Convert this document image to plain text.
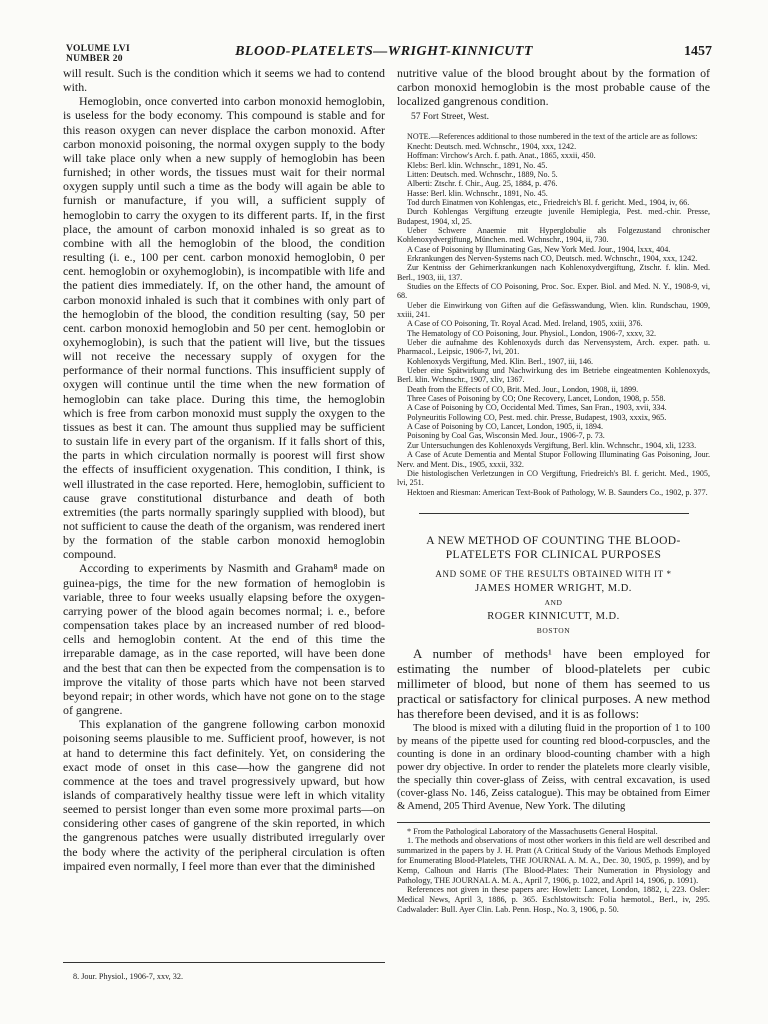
VOLUME LVI
NUMBER 20	BLOOD-PLATELETS—WRIGHT-KINNICUTT	1457

will result. Such is the condition which it seems we had to contend with.

Hemoglobin, once converted into carbon monoxid hemoglobin, is useless for the body economy. This compound is stable and for this reason oxygen can never displace the carbon monoxid. After carbon monoxid poisoning, the normal oxygen supply to the body will take place only when a new supply of hemoglobin has been furnished; in other words, the tissues must wait for their normal oxygen supply until such a time as the body will again be able to furnish or manufacture, if you will, a sufficient supply of hemoglobin to carry the oxygen to its different parts. If, in the first place, the amount of carbon monoxid inhaled is so great as to combine with all the hemoglobin of the blood, the condition resulting (i. e., 100 per cent. carbon monoxid hemoglobin, 0 per cent. hemoglobin or oxyhemoglobin), is incompatible with life and the patient dies immediately. If, on the other hand, the amount of carbon monoxid inhaled is such that it combines with only part of the hemoglobin of the blood, the condition resulting (say, 50 per cent. carbon monoxid hemoglobin and 50 per cent. hemoglobin or oxyhemoglobin), is such that the patient will live, but the tissues will not receive the necessary supply of oxygen for the performance of their normal functions. This insufficient supply of oxygen will continue until the time when the new formation of hemoglobin can take place. During this time, the hemoglobin which is free from carbon monoxid must supply the oxygen to the tissues as best it can. The amount thus supplied may be sufficient to sustain life in every part of the organism. If it falls short of this, the parts in which circulation normally is poorest will first show the effects of insufficient oxygenation. This condition, I think, is well illustrated in the case reported. Here, hemoglobin, sufficient to cause grave constitutional disturbance and death of both extremities (the parts normally sparingly supplied with blood), but not sufficient to cause the death of the organism, was rendered inert by the formation of the stable carbon monoxid hemoglobin compound.

According to experiments by Nasmith and Graham⁸ made on guinea-pigs, the time for the new formation of hemoglobin is variable, three to four weeks usually elapsing before the oxygen-carrying power of the blood again becomes normal; i. e., before compensation takes place by an increased number of red blood-cells and hemoglobin content. At the end of this time the irreparable damage, as in the case reported, will have been done and the best that can then be expected from the compensation is to improve the vitality of those parts which have not been starved beyond repair; in other words, which have not gone on to the stage of gangrene.

This explanation of the gangrene following carbon monoxid poisoning seems plausible to me. Sufficient proof, however, is not at hand to determine this fact definitely. Yet, on considering the exact mode of onset in this case—how the gangrene did not commence at the toes and travel progressively upward, but how islands of comparatively healthy tissue were left in which vitality seemed to persist longer than even some more proximal parts—on considering other cases of gangrene of the skin reported, in which the gangrenous patches were usually distributed irregularly over the body where the activity of the peripheral circulation is often impaired even normally, I feel more than ever that the diminished

8. Jour. Physiol., 1906-7, xxv, 32.

nutritive value of the blood brought about by the formation of carbon monoxid hemoglobin is the most probable cause of the localized gangrenous condition.

57 Fort Street, West.

NOTE.—References additional to those numbered in the text of the article are as follows:

Knecht: Deutsch. med. Wchnschr., 1904, xxx, 1242.
Hoffman: Virchow's Arch. f. path. Anat., 1865, xxxii, 450.
Klebs: Berl. klin. Wchnschr., 1891, No. 45.
Litten: Deutsch. med. Wchnschr., 1889, No. 5.
Alberti: Ztschr. f. Chir., Aug. 25, 1884, p. 476.
Hasse: Berl. klin. Wchnschr., 1891, No. 45.
Tod durch Einatmen von Kohlengas, etc., Friedreich's Bl. f. gericht. Med., 1904, iv, 66.
Durch Kohlengas Vergiftung erzeugte juvenile Hemiplegia, Pest. med.-chir. Presse, Budapest, 1904, xl, 25.
Ueber Schwere Anaemie mit Hyperglobulie als Folgezustand chronischer Kohlenoxydvergiftung, München. med. Wchnschr., 1904, ii, 730.
A Case of Poisoning by Illuminating Gas, New York Med. Jour., 1904, lxxx, 404.
Erkrankungen des Nerven-Systems nach CO, Deutsch. med. Wchnschr., 1904, xxx, 1242.
Zur Kentniss der Gehirnerkrankungen nach Kohlenoxydvergiftung, Ztschr. f. klin. Med. Berl., 1903, iii, 137.
Studies on the Effects of CO Poisoning, Proc. Soc. Exper. Biol. and Med. N. Y., 1908-9, vi, 68.
Ueber die Einwirkung von Giften auf die Gefässwandung, Wien. klin. Rundschau, 1909, xxiii, 241.
A Case of CO Poisoning, Tr. Royal Acad. Med. Ireland, 1905, xxiii, 376.
The Hematology of CO Poisoning, Jour. Physiol., London, 1906-7, xxxv, 32.
Ueber die aufnahme des Kohlenoxyds durch das Nervensystem, Arch. exper. path. u. Pharmacol., Leipsic, 1906-7, lvi, 201.
Kohlenoxyds Vergiftung, Med. Klin. Berl., 1907, iii, 146.
Ueber eine Spätwirkung und Nachwirkung des im Betriebe eingeatmenten Kohlenoxyds, Berl. klin. Wchnschr., 1907, xliv, 1367.
Death from the Effects of CO, Brit. Med. Jour., London, 1908, ii, 1899.
Three Cases of Poisoning by CO; One Recovery, Lancet, London, 1908, p. 558.
A Case of Poisoning by CO, Occidental Med. Times, San Fran., 1903, xvii, 334.
Polyneuritis Following CO, Pest. med. chir. Presse, Budapest, 1903, xxxix, 965.
A Case of Poisoning by CO, Lancet, London, 1905, ii, 1894.
Poisoning by Coal Gas, Wisconsin Med. Jour., 1906-7, p. 73.
Zur Untersuchungen des Kohlenoxyds Vergiftung, Berl. klin. Wchnschr., 1904, xli, 1233.
A Case of Acute Dementia and Mental Stupor Following Illuminating Gas Poisoning, Jour. Nerv. and Ment. Dis., 1905, xxxii, 332.
Die histologischen Verletzungen in CO Vergiftung, Friedreich's Bl. f. gericht. Med., 1905, lvi, 251.
Hektoen and Riesman: American Text-Book of Pathology, W. B. Saunders Co., 1902, p. 377.

A NEW METHOD OF COUNTING THE BLOOD-PLATELETS FOR CLINICAL PURPOSES

AND SOME OF THE RESULTS OBTAINED WITH IT *

JAMES HOMER WRIGHT, M.D.

AND

ROGER KINNICUTT, M.D.

BOSTON

A number of methods¹ have been employed for estimating the number of blood-platelets per cubic millimeter of blood, but none of them has seemed to us practical or satisfactory for clinical purposes. A new method has therefore been devised, and it is as follows:

The blood is mixed with a diluting fluid in the proportion of 1 to 100 by means of the pipette used for counting red blood-corpuscles, and the counting is done in an ordinary blood-counting chamber with a high power dry objective. In order to render the platelets more clearly visible, the specially thin cover-glass of Zeiss, with central excavation, is used (cover-glass No. 146, Zeiss catalogue). This may be obtained from Eimer & Amend, 205 Third Avenue, New York. The diluting

* From the Pathological Laboratory of the Massachusetts General Hospital.
1. The methods and observations of most other workers in this field are well described and summarized in the papers by J. H. Pratt (A Critical Study of the Various Methods Employed for Enumerating Blood-Platelets, THE JOURNAL A. M. A., Dec. 30, 1905, p. 1999), and by Kemp, Calhoun and Harris (The Blood-Plates: Their Numeration in Physiology and Pathology, THE JOURNAL A. M. A., April 7, 1906, p. 1022, and April 14, 1906, p. 1091).
References not given in these papers are: Howlett: Lancet, London, 1882, i, 223. Osler: Medical News, April 3, 1886, p. 365. Eschlstowitsch: Folia hæmotol., Berl., iv, 295. Cadwalader: Bull. Ayer Clin. Lab. Penn. Hosp., No. 3, 1906, p. 50.
